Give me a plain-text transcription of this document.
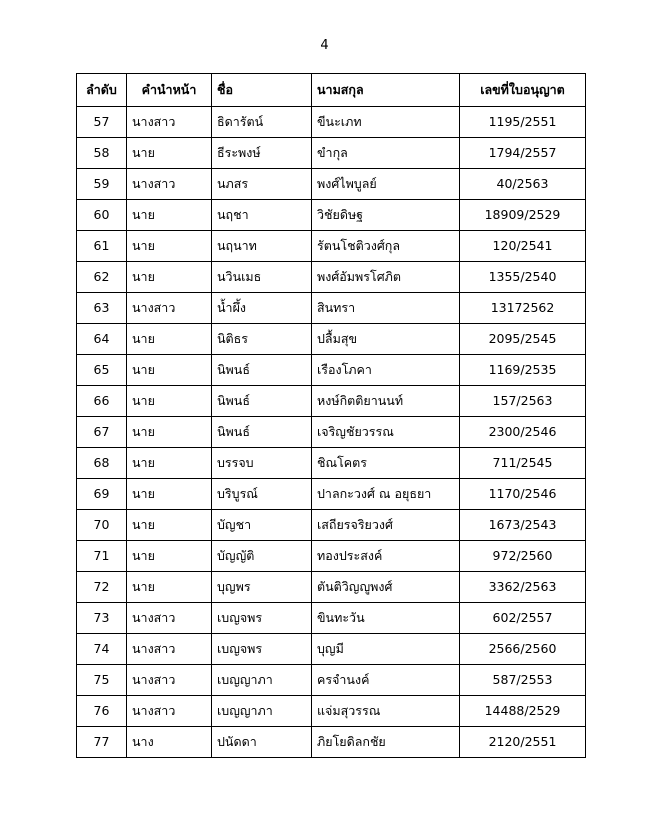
4
ลำดับ	คำนำหน้า	ชื่อ	นามสกุล	เลขที่ใบอนุญาต
57	นางสาว	ธิดารัตน์	ขีนะเภท	1195/2551
58	นาย	ธีระพงษ์	ขำกุล	1794/2557
59	นางสาว	นภสร	พงศ์ไพบูลย์	40/2563
60	นาย	นฤชา	วิชัยดิษฐ	18909/2529
61	นาย	นฤนาท	รัตนโชติวงศ์กุล	120/2541
62	นาย	นวินเมธ	พงศ์อัมพรโศภิต	1355/2540
63	นางสาว	น้ำผึ้ง	สินทรา	13172562
64	นาย	นิติธร	ปลื้มสุข	2095/2545
65	นาย	นิพนธ์	เรืองโภคา	1169/2535
66	นาย	นิพนธ์	หงษ์กิตติยานนท์	157/2563
67	นาย	นิพนธ์	เจริญชัยวรรณ	2300/2546
68	นาย	บรรจบ	ชิณโคตร	711/2545
69	นาย	บริบูรณ์	ปาลกะวงศ์ ณ อยุธยา	1170/2546
70	นาย	บัญชา	เสถียรจริยวงศ์	1673/2543
71	นาย	บัญญัติ	ทองประสงค์	972/2560
72	นาย	บุญพร	ตันติวิญญูพงศ์	3362/2563
73	นางสาว	เบญจพร	ขินทะวัน	602/2557
74	นางสาว	เบญจพร	บุญมี	2566/2560
75	นางสาว	เบญญาภา	ครจำนงค์	587/2553
76	นางสาว	เบญญาภา	แจ่มสุวรรณ	14488/2529
77	นาง	ปนัดดา	ภิยโยดิลกชัย	2120/2551
